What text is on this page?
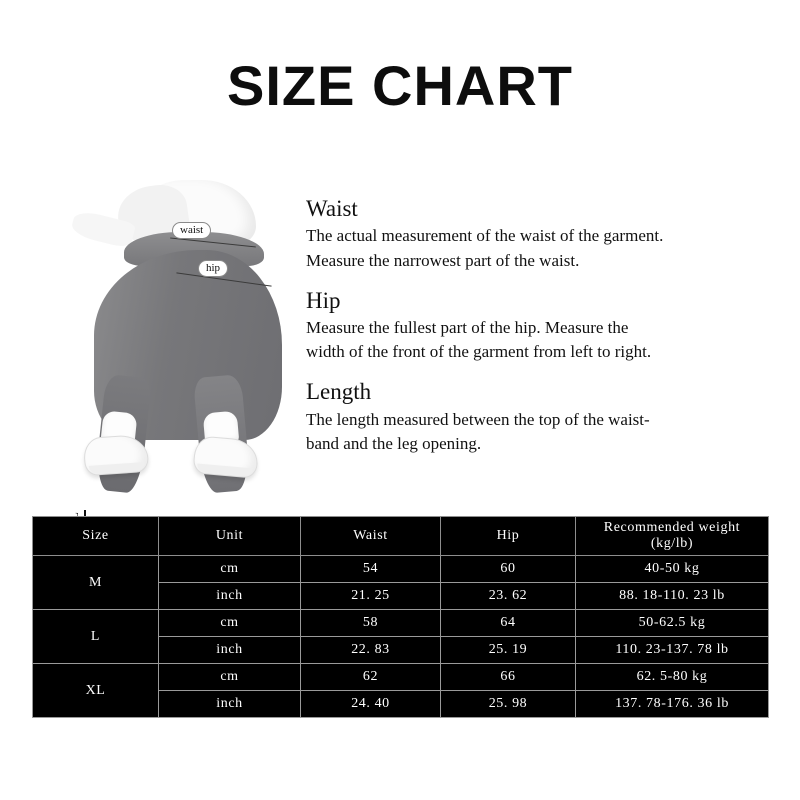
SIZE CHART
waist
hip
Waist
The actual measurement of the waist of the garment.
Measure the narrowest part of the waist.
Hip
Measure the fullest part of the hip. Measure the
width of the front of the garment from left to right.
Length
The length measured between the top of the waist-
band and the leg opening.
Size	Unit	Waist	Hip	Recommended weight
(kg/lb)

M	cm	54	60	40-50 kg
	inch	21. 25	23. 62	88. 18-110. 23 lb
L	cm	58	64	50-62.5 kg
	inch	22. 83	25. 19	110. 23-137. 78 lb
XL	cm	62	66	62. 5-80 kg
	inch	24. 40	25. 98	137. 78-176. 36 lb
